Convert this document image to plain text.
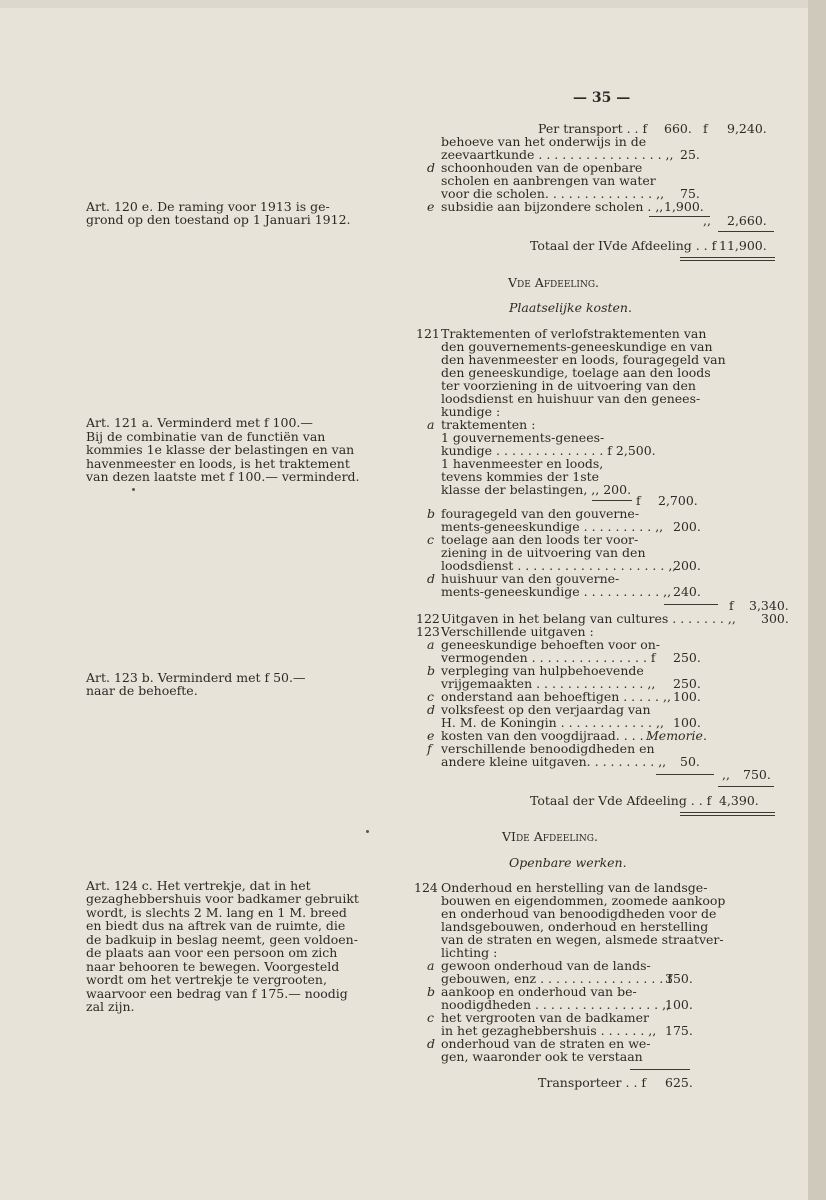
— 35 —
Art. 120 e. De raming voor 1913 is ge-
grond op den toestand op 1 Januari 1912.
Art. 121 a. Verminderd met f 100.—
Bij de combinatie van de functiën van
kommies 1e klasse der belastingen en van
havenmeester en loods, is het traktement
van dezen laatste met f 100.— verminderd.
Art. 123 b. Verminderd met f 50.—
naar de behoefte.
Art. 124 c. Het vertrekje, dat in het
gezaghebbershuis voor badkamer gebruikt
wordt, is slechts 2 M. lang en 1 M. breed
en biedt dus na aftrek van de ruimte, die
de badkuip in beslag neemt, geen voldoen-
de plaats aan voor een persoon om zich
naar behooren te bewegen. Voorgesteld
wordt om het vertrekje te vergrooten,
waarvoor een bedrag van f 175.— noodig
zal zijn.
Per transport . . f 660. f 9,240.
behoeve van het onderwijs in de
zeevaartkunde . . . . . . . . . . . . . . . . ,, 25.
d schoonhouden van de openbare
scholen en aanbrengen van water
voor die scholen. . . . . . . . . . . . . . ,, 75.
e subsidie aan bijzondere scholen . ,, 1,900.
,, 2,660.
Totaal der IVde Afdeeling . . f 11,900.
Vde Afdeeling.
Plaatselijke kosten.
121 Traktementen of verlofstraktementen van
den gouvernements-geneeskundige en van
den havenmeester en loods, fouragegeld van
den geneeskundige, toelage aan den loods
ter voorziening in de uitvoering van den
loodsdienst en huishuur van den genees-
kundige :
a traktementen :
1 gouvernements-genees-
kundige . . . . . . . . . . . . . . f 2,500.
1 havenmeester en loods,
tevens kommies der 1ste
klasse der belastingen, ,, 200.
f 2,700.
b fouragegeld van den gouverne-
ments-geneeskundige . . . . . . . . . ,, 200.
c toelage aan den loods ter voor-
ziening in de uitvoering van den
loodsdienst . . . . . . . . . . . . . . . . . . . ,,
200.
d huishuur van den gouverne-
ments-geneeskundige . . . . . . . . . . ,, 240.
f 3,340.
122 Uitgaven in het belang van cultures . . . . . . . ,, 300.
123 Verschillende uitgaven :
a geneeskundige behoeften voor on-
vermogenden . . . . . . . . . . . . . . . f 250.
b verpleging van hulpbehoevende
vrijgemaakten . . . . . . . . . . . . . . ,, 250.
c onderstand aan behoeftigen . . . . . ,, 100.
d volksfeest op den verjaardag van
H. M. de Koningin . . . . . . . . . . . . ,, 100.
e kosten van den voogdijraad. . . . .
Memorie.
f verschillende benoodigdheden en
andere kleine uitgaven. . . . . . . . . ,, 50.
,, 750.
Totaal der Vde Afdeeling . . f 4,390.
VIde Afdeeling.
Openbare werken.
124 Onderhoud en herstelling van de landsge-
bouwen en eigendommen, zoomede aankoop
en onderhoud van benoodigdheden voor de
landsgebouwen, onderhoud en herstelling
van de straten en wegen, alsmede straatver-
lichting :
a gewoon onderhoud van de lands-
gebouwen, enz . . . . . . . . . . . . . . . . f
350.
b aankoop en onderhoud van be-
noodigdheden . . . . . . . . . . . . . . . . ,,
100.
c het vergrooten van de badkamer
in het gezaghebbershuis . . . . . . ,, 175.
d onderhoud van de straten en we-
gen, waaronder ook te verstaan
Transporteer . . f 625.
